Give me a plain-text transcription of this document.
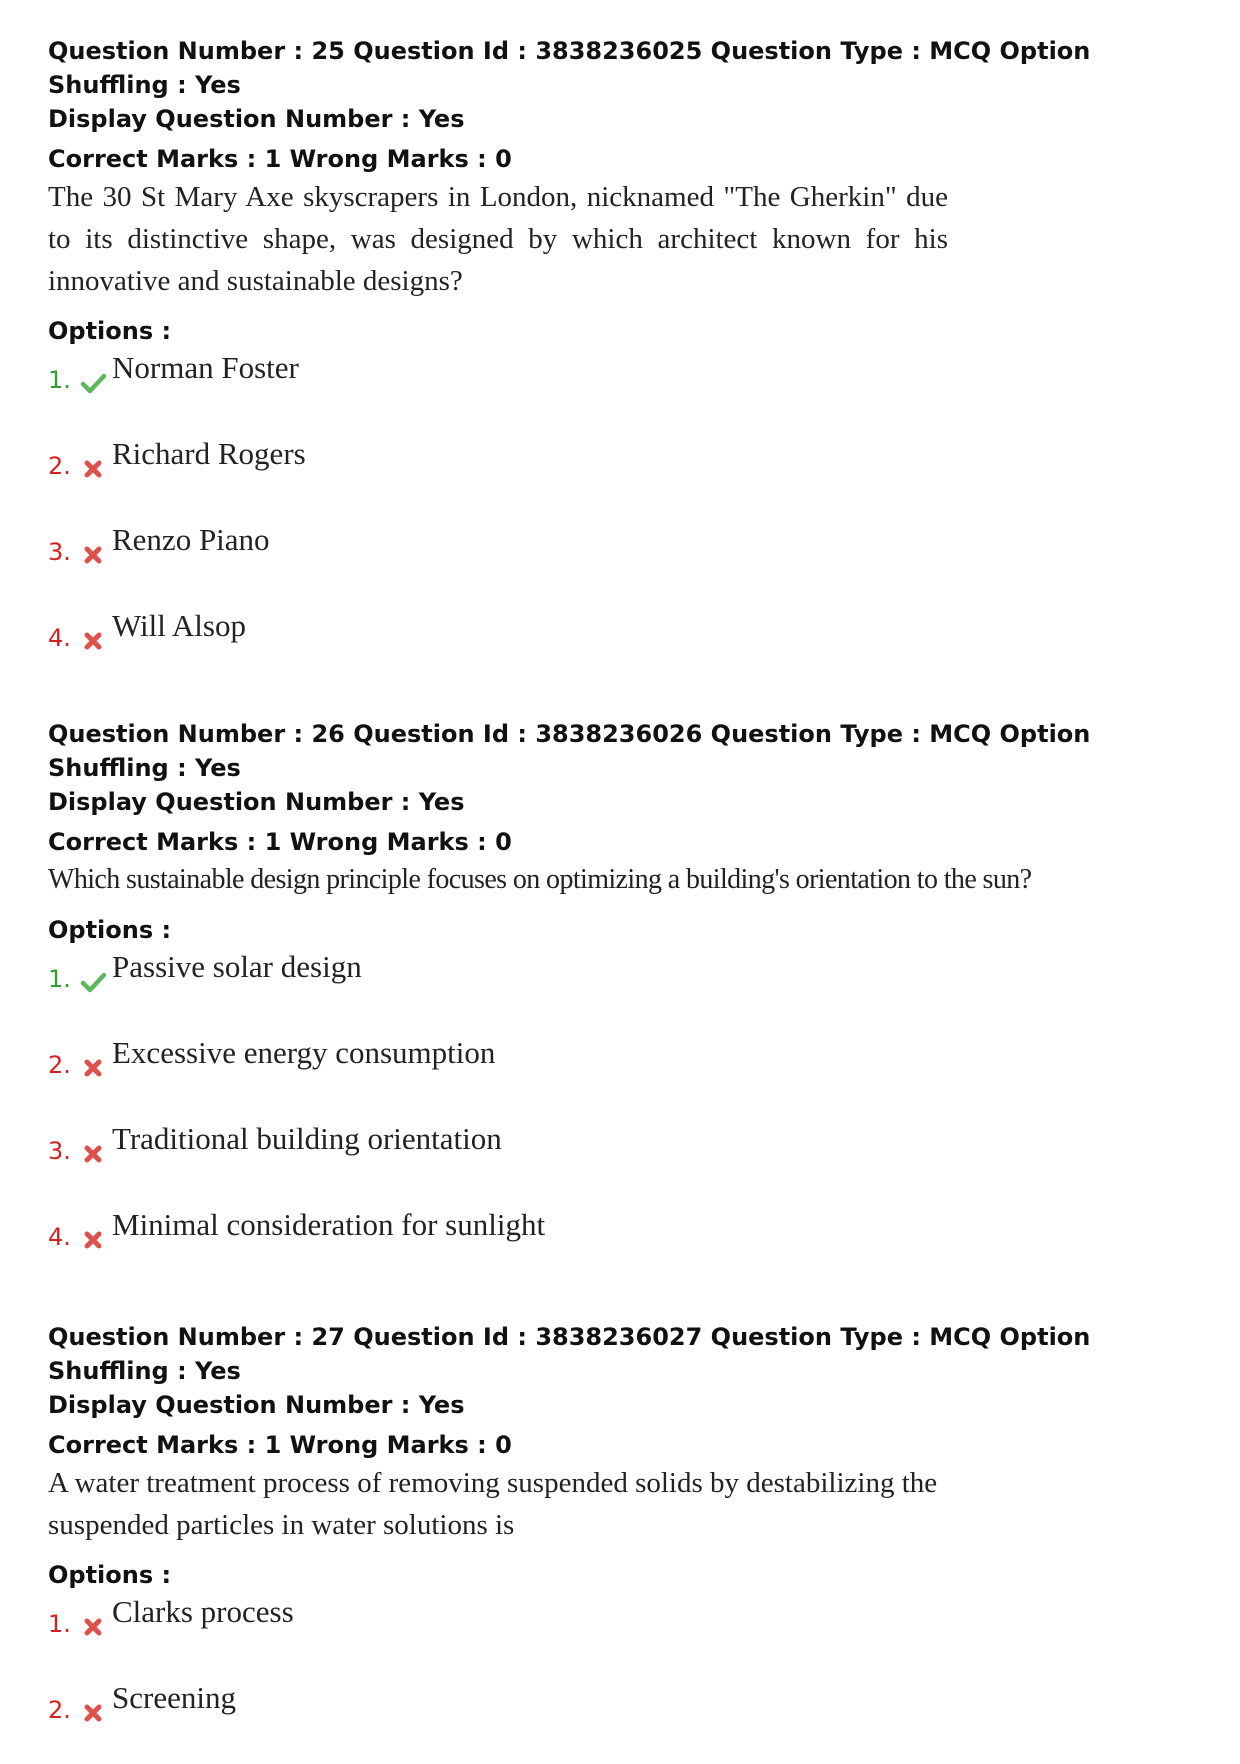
Question Number : 25 Question Id : 3838236025 Question Type : MCQ Option Shuffling : Yes
Display Question Number : Yes

Correct Marks : 1 Wrong Marks : 0

The 30 St Mary Axe skyscrapers in London, nicknamed "The Gherkin" due to its distinctive shape, was designed by which architect known for his innovative and sustainable designs?

Options :

1. Norman Foster
2. Richard Rogers
3. Renzo Piano
4. Will Alsop

Question Number : 26 Question Id : 3838236026 Question Type : MCQ Option Shuffling : Yes
Display Question Number : Yes

Correct Marks : 1 Wrong Marks : 0

Which sustainable design principle focuses on optimizing a building's orientation to the sun?

Options :

1. Passive solar design
2. Excessive energy consumption
3. Traditional building orientation
4. Minimal consideration for sunlight

Question Number : 27 Question Id : 3838236027 Question Type : MCQ Option Shuffling : Yes
Display Question Number : Yes

Correct Marks : 1 Wrong Marks : 0

A water treatment process of removing suspended solids by destabilizing the suspended particles in water solutions is

Options :

1. Clarks process
2. Screening
